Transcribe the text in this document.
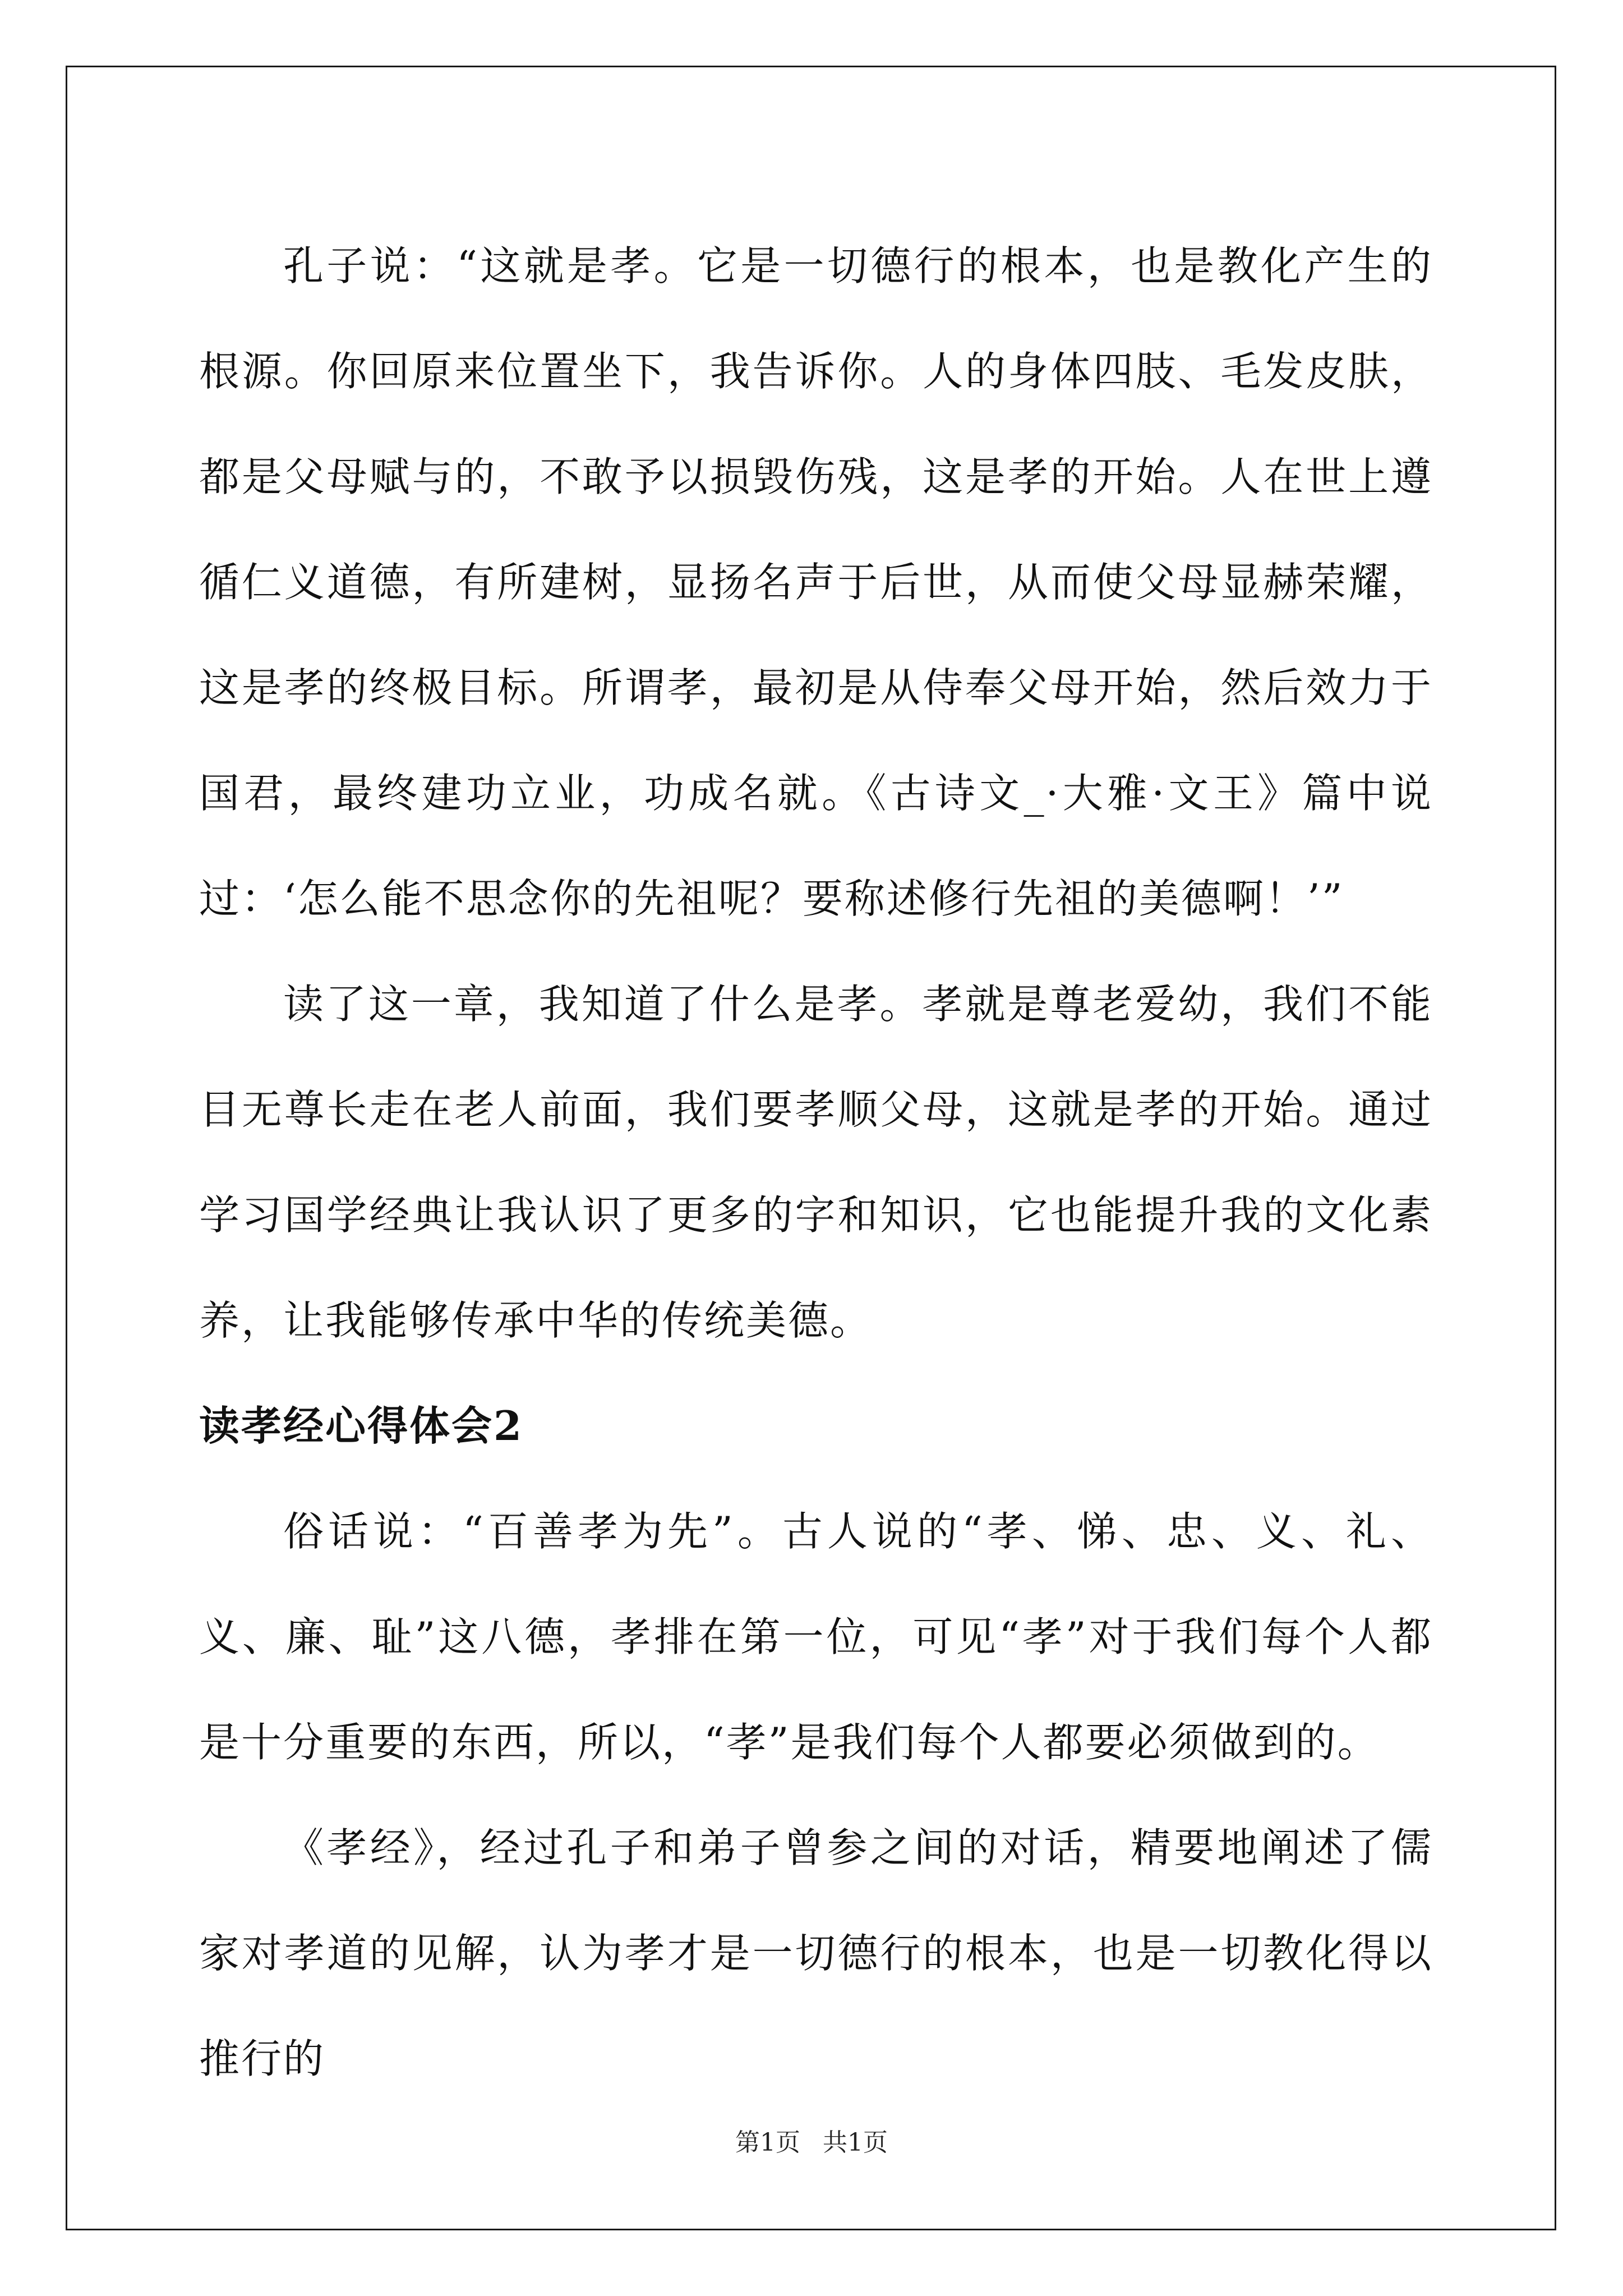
孔子说：“这就是孝。它是一切德行的根本，也是教化产生的根源。你回原来位置坐下，我告诉你。人的身体四肢、毛发皮肤，都是父母赋与的，不敢予以损毁伤残，这是孝的开始。人在世上遵循仁义道德，有所建树，显扬名声于后世，从而使父母显赫荣耀，这是孝的终极目标。所谓孝，最初是从侍奉父母开始，然后效力于国君，最终建功立业，功成名就。《古诗文_·大雅·文王》篇中说过：‘怎么能不思念你的先祖呢？要称述修行先祖的美德啊！’”

读了这一章，我知道了什么是孝。孝就是尊老爱幼，我们不能目无尊长走在老人前面，我们要孝顺父母，这就是孝的开始。通过学习国学经典让我认识了更多的字和知识，它也能提升我的文化素养，让我能够传承中华的传统美德。

读孝经心得体会2

俗话说：“百善孝为先”。古人说的“孝、悌、忠、义、礼、义、廉、耻”这八德，孝排在第一位，可见“孝”对于我们每个人都是十分重要的东西，所以，“孝”是我们每个人都要必须做到的。

《孝经》，经过孔子和弟子曾参之间的对话，精要地阐述了儒家对孝道的见解，认为孝才是一切德行的根本，也是一切教化得以推行的

第1页 共1页
